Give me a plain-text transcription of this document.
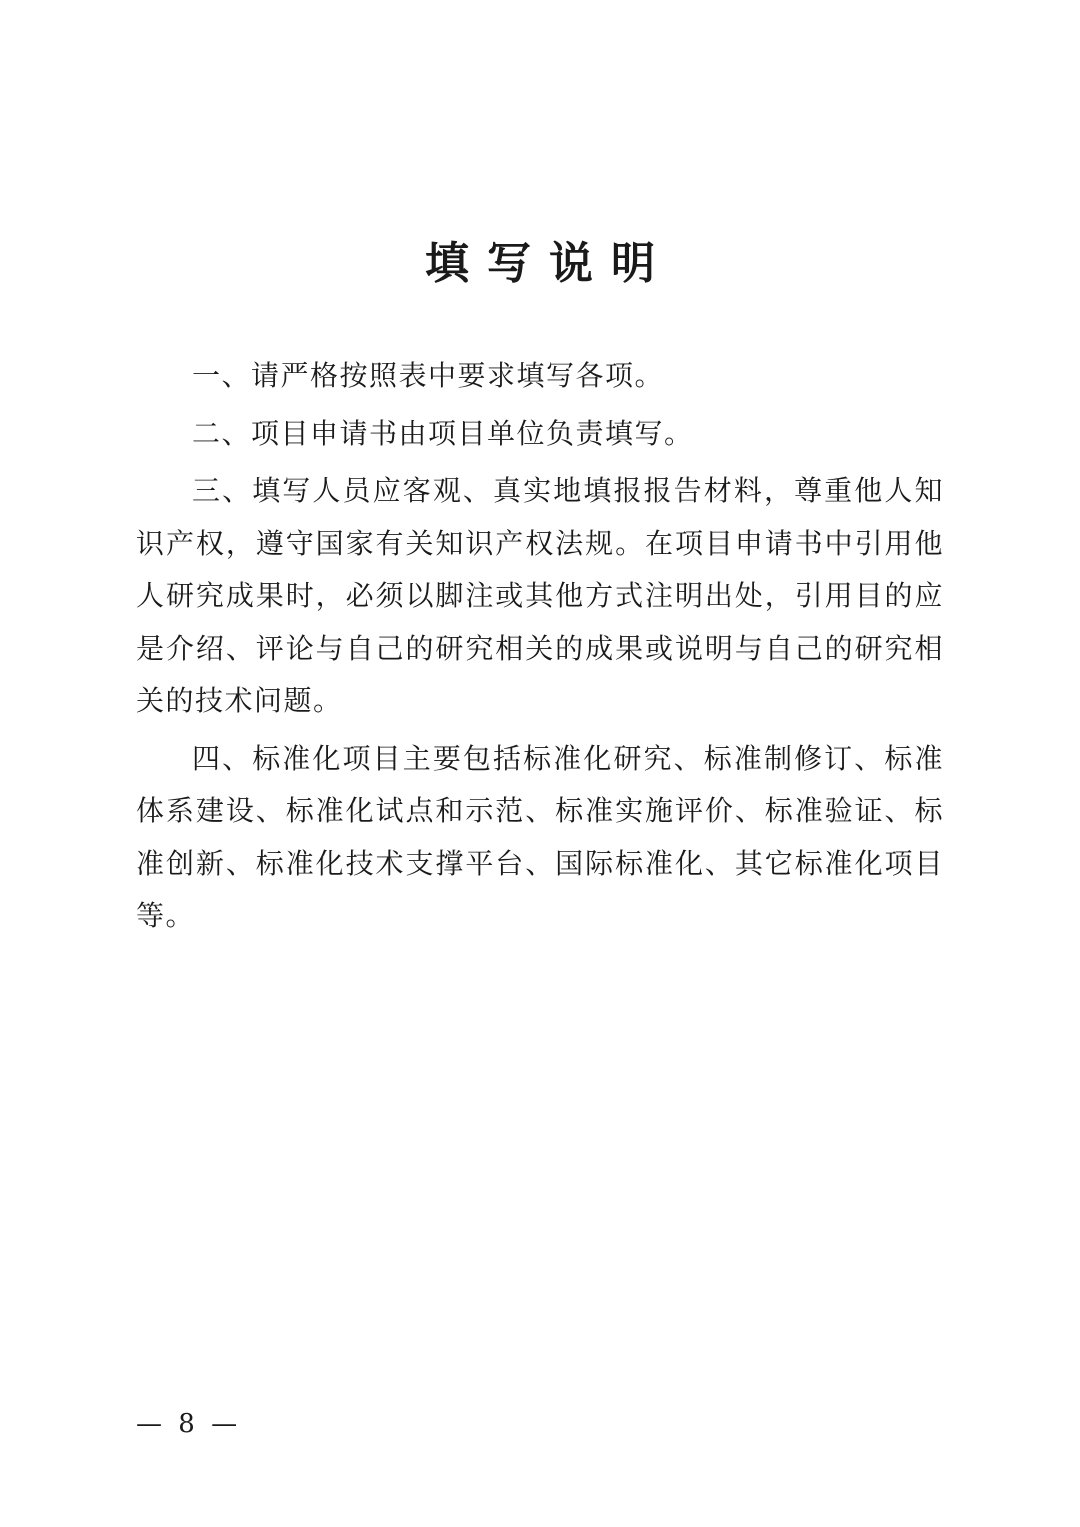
填写说明

一、请严格按照表中要求填写各项。

二、项目申请书由项目单位负责填写。

三、填写人员应客观、真实地填报报告材料，尊重他人知识产权，遵守国家有关知识产权法规。在项目申请书中引用他人研究成果时，必须以脚注或其他方式注明出处，引用目的应是介绍、评论与自己的研究相关的成果或说明与自己的研究相关的技术问题。

四、标准化项目主要包括标准化研究、标准制修订、标准体系建设、标准化试点和示范、标准实施评价、标准验证、标准创新、标准化技术支撑平台、国际标准化、其它标准化项目等。

— 8 —
